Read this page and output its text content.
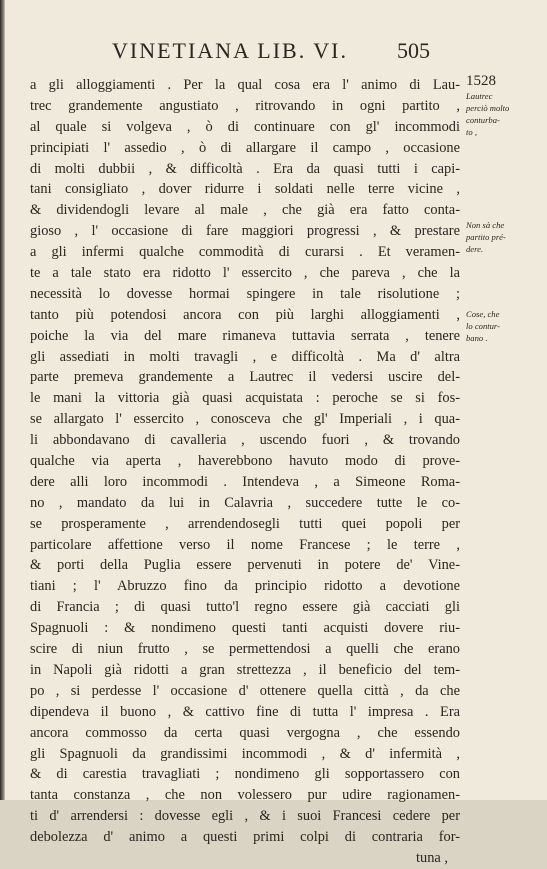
VINETIANA LIB. VI. 505
a gli alloggiamenti . Per la qual cosa era l' animo di Lau-
trec grandemente angustiato , ritrovando in ogni partito ,
al quale si volgeva , ò di continuare con gl' incommodi
principiati l' assedio , ò di allargare il campo , occasione
di molti dubbii , & difficoltà . Era da quasi tutti i capi-
tani consigliato , dover ridurre i soldati nelle terre vicine ,
& dividendogli levare al male , che già era fatto conta-
gioso , l' occasione di fare maggiori progressi , & prestare
a gli infermi qualche commodità di curarsi . Et veramen-
te a tale stato era ridotto l' essercito , che pareva , che la
necessità lo dovesse hormai spingere in tale risolutione ;
tanto più potendosi ancora con più larghi alloggiamenti ,
poiche la via del mare rimaneva tuttavia serrata , tenere
gli assediati in molti travagli , e difficoltà . Ma d' altra
parte premeva grandemente a Lautrec il vedersi uscire del-
le mani la vittoria già quasi acquistata : peroche se si fos-
se allargato l' essercito , conosceva che gl' Imperiali , i qua-
li abbondavano di cavalleria , uscendo fuori , & trovando
qualche via aperta , haverebbono havuto modo di prove-
dere alli loro incommodi . Intendeva , a Simeone Roma-
no , mandato da lui in Calavria , succedere tutte le co-
se prosperamente , arrendendosegli tutti quei popoli per
particolare affettione verso il nome Francese ; le terre ,
& porti della Puglia essere pervenuti in potere de' Vine-
tiani ; l' Abruzzo fino da principio ridotto a devotione
di Francia ; di quasi tutto'l regno essere già cacciati gli
Spagnuoli : & nondimeno questi tanti acquisti dovere riu-
scire di niun frutto , se permettendosi a quelli che erano
in Napoli già ridotti a gran strettezza , il beneficio del tem-
po , si perdesse l' occasione d' ottenere quella città , da che
dipendeva il buono , & cattivo fine di tutta l' impresa . Era
ancora commosso da certa quasi vergogna , che essendo
gli Spagnuoli da grandissimi incommodi , & d' infermità ,
& di carestia travagliati ; nondimeno gli sopportassero con
tanta constanza , che non volessero pur udire ragionamen-
ti d' arrendersi : dovesse egli , & i suoi Francesi cedere per
debolezza d' animo a questi primi colpi di contraria for-
tuna ,
1528
Lautrec
perciò molto
conturba-
to ,
Non sà che
partito pré-
dere.
Cose, che
lo contur-
bano .
